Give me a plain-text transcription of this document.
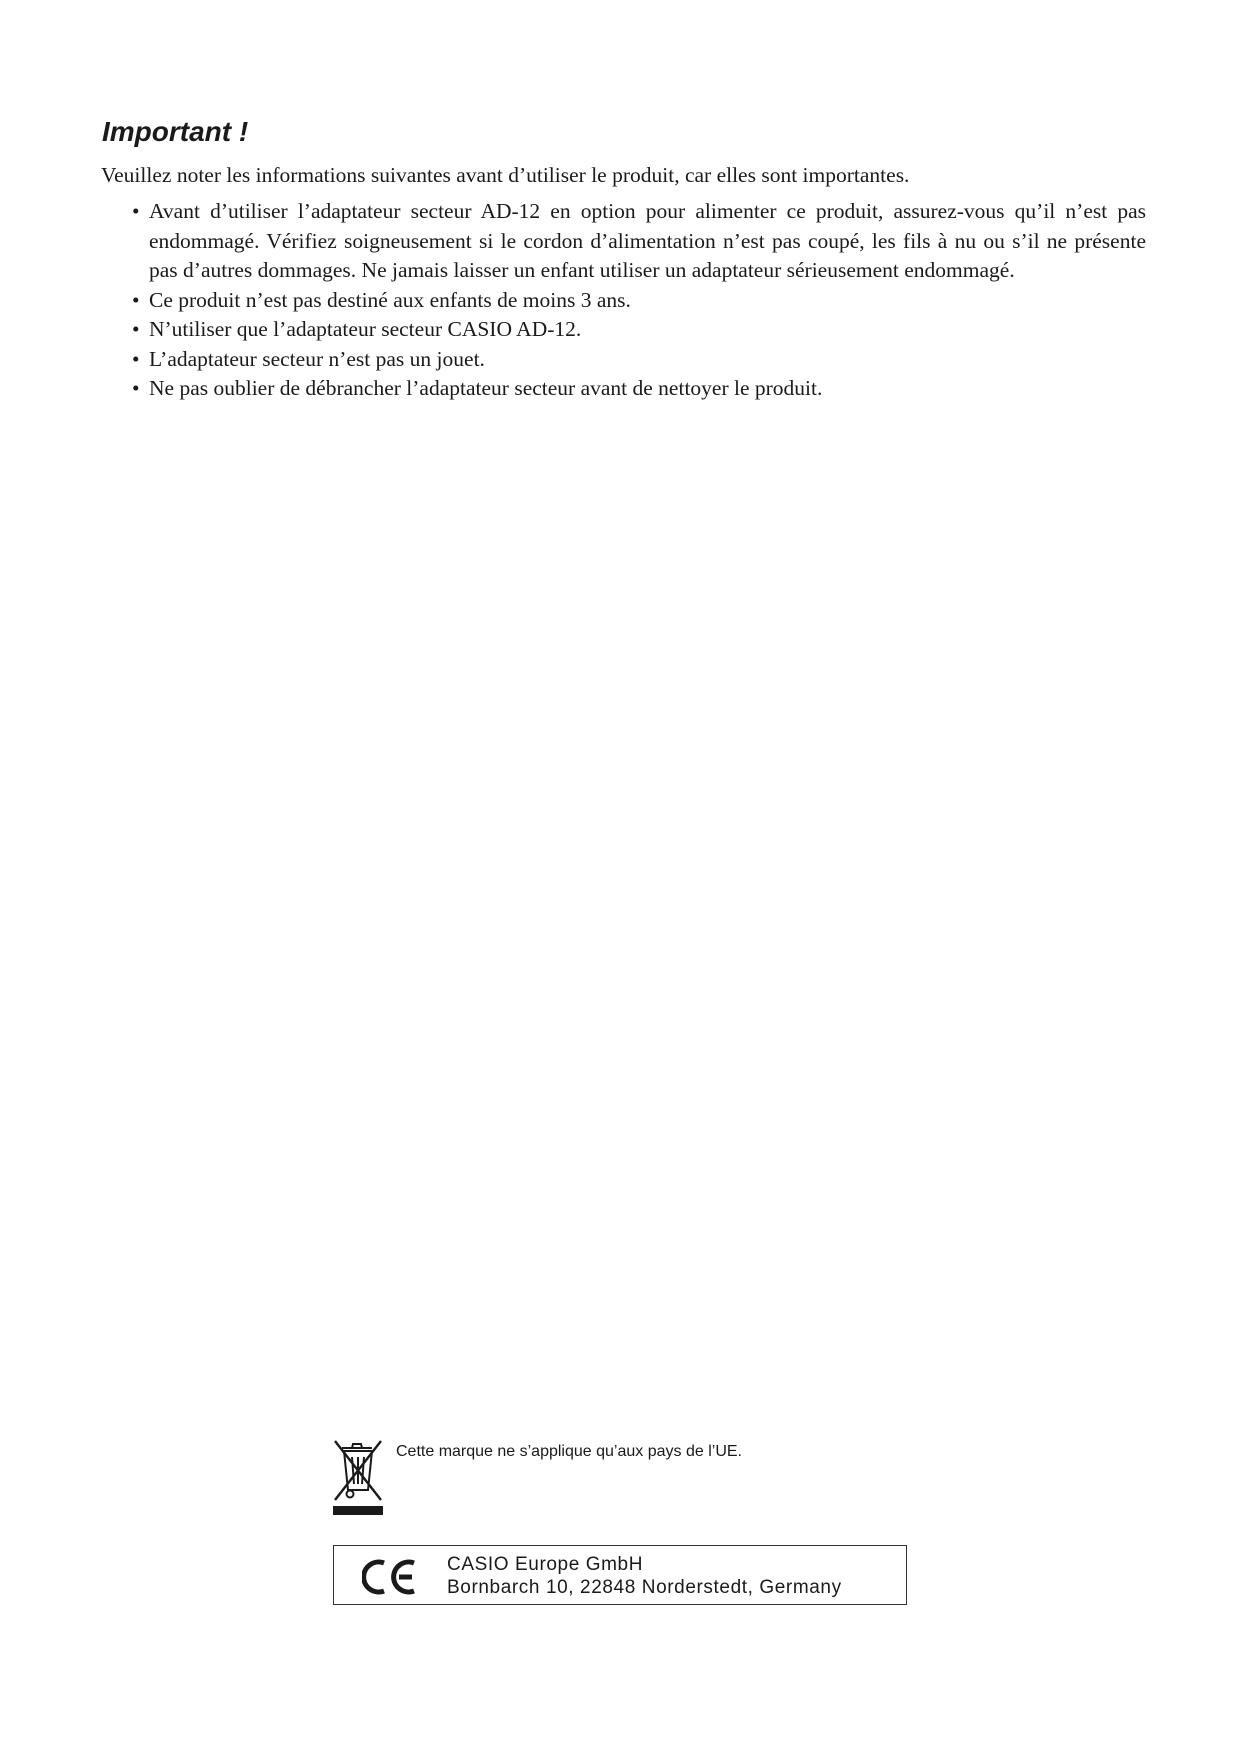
Important !

Veuillez noter les informations suivantes avant d’utiliser le produit, car elles sont importantes.

• Avant d’utiliser l’adaptateur secteur AD-12 en option pour alimenter ce produit, assurez-vous qu’il n’est pas endommagé. Vérifiez soigneusement si le cordon d’alimentation n’est pas coupé, les fils à nu ou s’il ne présente pas d’autres dommages. Ne jamais laisser un enfant utiliser un adaptateur sérieusement endommagé.
• Ce produit n’est pas destiné aux enfants de moins 3 ans.
• N’utiliser que l’adaptateur secteur CASIO AD-12.
• L’adaptateur secteur n’est pas un jouet.
• Ne pas oublier de débrancher l’adaptateur secteur avant de nettoyer le produit.

Cette marque ne s’applique qu’aux pays de l’UE.

CASIO Europe GmbH
Bornbarch 10, 22848 Norderstedt, Germany
